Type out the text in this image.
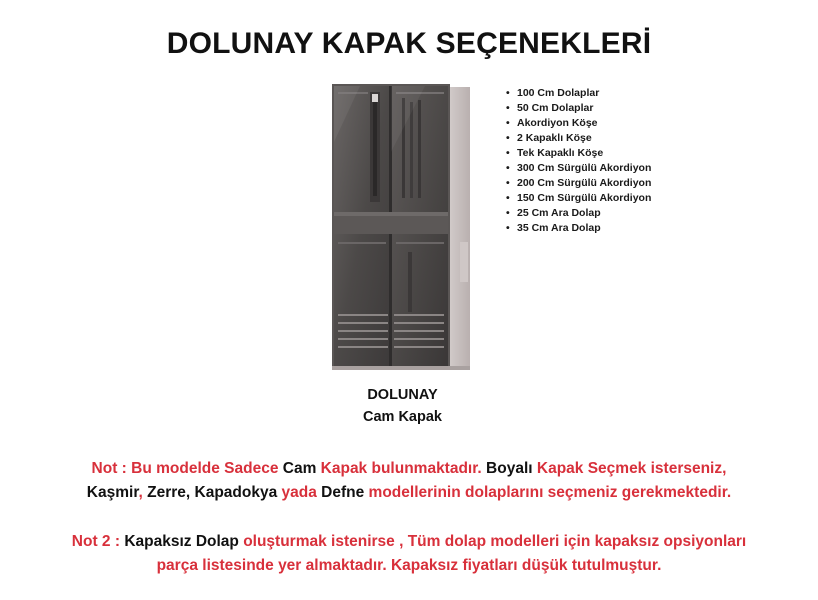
DOLUNAY KAPAK SEÇENEKLERİ
• 100 Cm Dolaplar
• 50 Cm Dolaplar
• Akordiyon Köşe
• 2 Kapaklı Köşe
• Tek Kapaklı Köşe
• 300 Cm Sürgülü Akordiyon
• 200 Cm Sürgülü Akordiyon
• 150 Cm Sürgülü Akordiyon
• 25 Cm Ara Dolap
• 35 Cm Ara Dolap
DOLUNAY
Cam Kapak
Not : Bu modelde Sadece Cam Kapak bulunmaktadır. Boyalı Kapak Seçmek isterseniz,
Kaşmir, Zerre, Kapadokya yada Defne modellerinin dolaplarını seçmeniz gerekmektedir.
Not 2 : Kapaksız Dolap oluşturmak istenirse , Tüm dolap modelleri için kapaksız opsiyonları
parça listesinde yer almaktadır. Kapaksız fiyatları düşük tutulmuştur.
